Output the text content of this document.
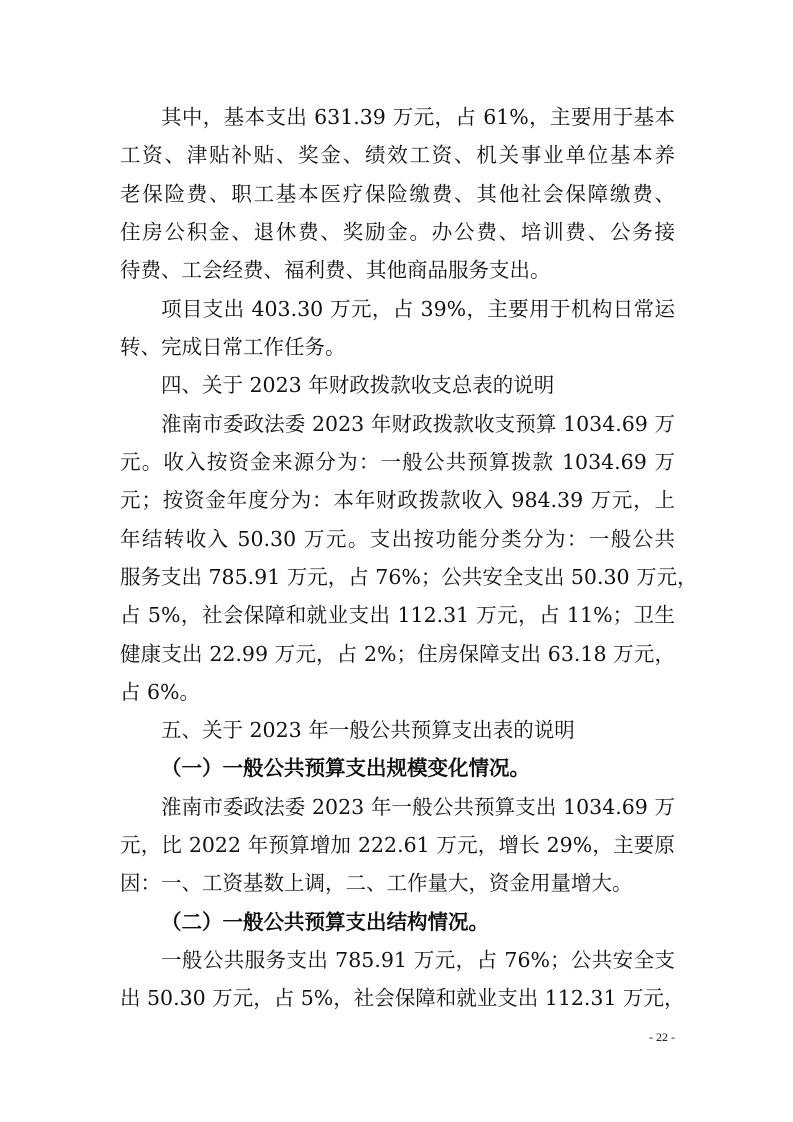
其中，基本支出 631.39 万元，占 61%，主要用于基本
工资、津贴补贴、奖金、绩效工资、机关事业单位基本养
老保险费、职工基本医疗保险缴费、其他社会保障缴费、
住房公积金、退休费、奖励金。办公费、培训费、公务接
待费、工会经费、福利费、其他商品服务支出。
项目支出 403.30 万元，占 39%，主要用于机构日常运
转、完成日常工作任务。
四、关于 2023 年财政拨款收支总表的说明
淮南市委政法委 2023 年财政拨款收支预算 1034.69 万
元。收入按资金来源分为：一般公共预算拨款 1034.69 万
元；按资金年度分为：本年财政拨款收入 984.39 万元，上
年结转收入 50.30 万元。支出按功能分类分为：一般公共
服务支出 785.91 万元，占 76%；公共安全支出 50.30 万元，
占 5%，社会保障和就业支出 112.31 万元，占 11%；卫生
健康支出 22.99 万元，占 2%；住房保障支出 63.18 万元，
占 6%。
五、关于 2023 年一般公共预算支出表的说明
（一）一般公共预算支出规模变化情况。
淮南市委政法委 2023 年一般公共预算支出 1034.69 万
元，比 2022 年预算增加 222.61 万元，增长 29%，主要原
因：一、工资基数上调，二、工作量大，资金用量增大。
（二）一般公共预算支出结构情况。
一般公共服务支出 785.91 万元，占 76%；公共安全支
出 50.30 万元，占 5%，社会保障和就业支出 112.31 万元，
- 22 -
